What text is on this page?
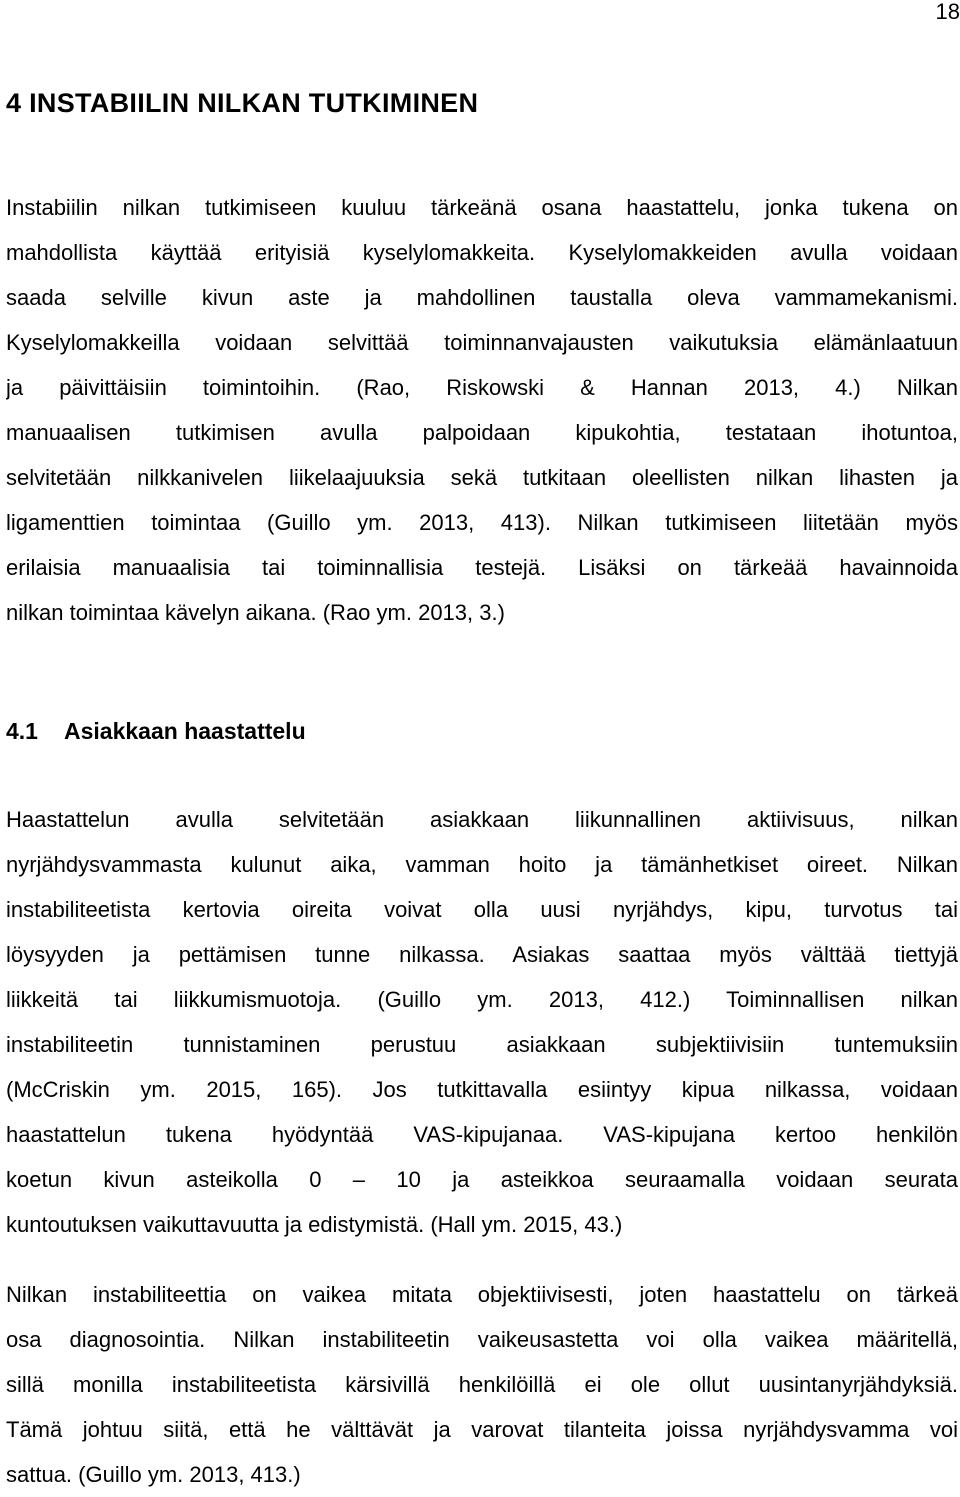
18
4 INSTABIILIN NILKAN TUTKIMINEN
Instabiilin nilkan tutkimiseen kuuluu tärkeänä osana haastattelu, jonka tukena on
mahdollista käyttää erityisiä kyselylomakkeita. Kyselylomakkeiden avulla voidaan
saada selville kivun aste ja mahdollinen taustalla oleva vammamekanismi.
Kyselylomakkeilla voidaan selvittää toiminnanvajausten vaikutuksia elämänlaatuun
ja päivittäisiin toimintoihin. (Rao, Riskowski & Hannan 2013, 4.) Nilkan
manuaalisen tutkimisen avulla palpoidaan kipukohtia, testataan ihotuntoa,
selvitetään nilkkanivelen liikelaajuuksia sekä tutkitaan oleellisten nilkan lihasten ja
ligamenttien toimintaa (Guillo ym. 2013, 413). Nilkan tutkimiseen liitetään myös
erilaisia manuaalisia tai toiminnallisia testejä. Lisäksi on tärkeää havainnoida
nilkan toimintaa kävelyn aikana. (Rao ym. 2013, 3.)
4.1 Asiakkaan haastattelu
Haastattelun avulla selvitetään asiakkaan liikunnallinen aktiivisuus, nilkan
nyrjähdysvammasta kulunut aika, vamman hoito ja tämänhetkiset oireet. Nilkan
instabiliteetista kertovia oireita voivat olla uusi nyrjähdys, kipu, turvotus tai
löysyyden ja pettämisen tunne nilkassa. Asiakas saattaa myös välttää tiettyjä
liikkeitä tai liikkumismuotoja. (Guillo ym. 2013, 412.) Toiminnallisen nilkan
instabiliteetin tunnistaminen perustuu asiakkaan subjektiivisiin tuntemuksiin
(McCriskin ym. 2015, 165). Jos tutkittavalla esiintyy kipua nilkassa, voidaan
haastattelun tukena hyödyntää VAS-kipujanaa. VAS-kipujana kertoo henkilön
koetun kivun asteikolla 0 – 10 ja asteikkoa seuraamalla voidaan seurata
kuntoutuksen vaikuttavuutta ja edistymistä. (Hall ym. 2015, 43.)
Nilkan instabiliteettia on vaikea mitata objektiivisesti, joten haastattelu on tärkeä
osa diagnosointia. Nilkan instabiliteetin vaikeusastetta voi olla vaikea määritellä,
sillä monilla instabiliteetista kärsivillä henkilöillä ei ole ollut uusintanyrjähdyksiä.
Tämä johtuu siitä, että he välttävät ja varovat tilanteita joissa nyrjähdysvamma voi
sattua. (Guillo ym. 2013, 413.)
